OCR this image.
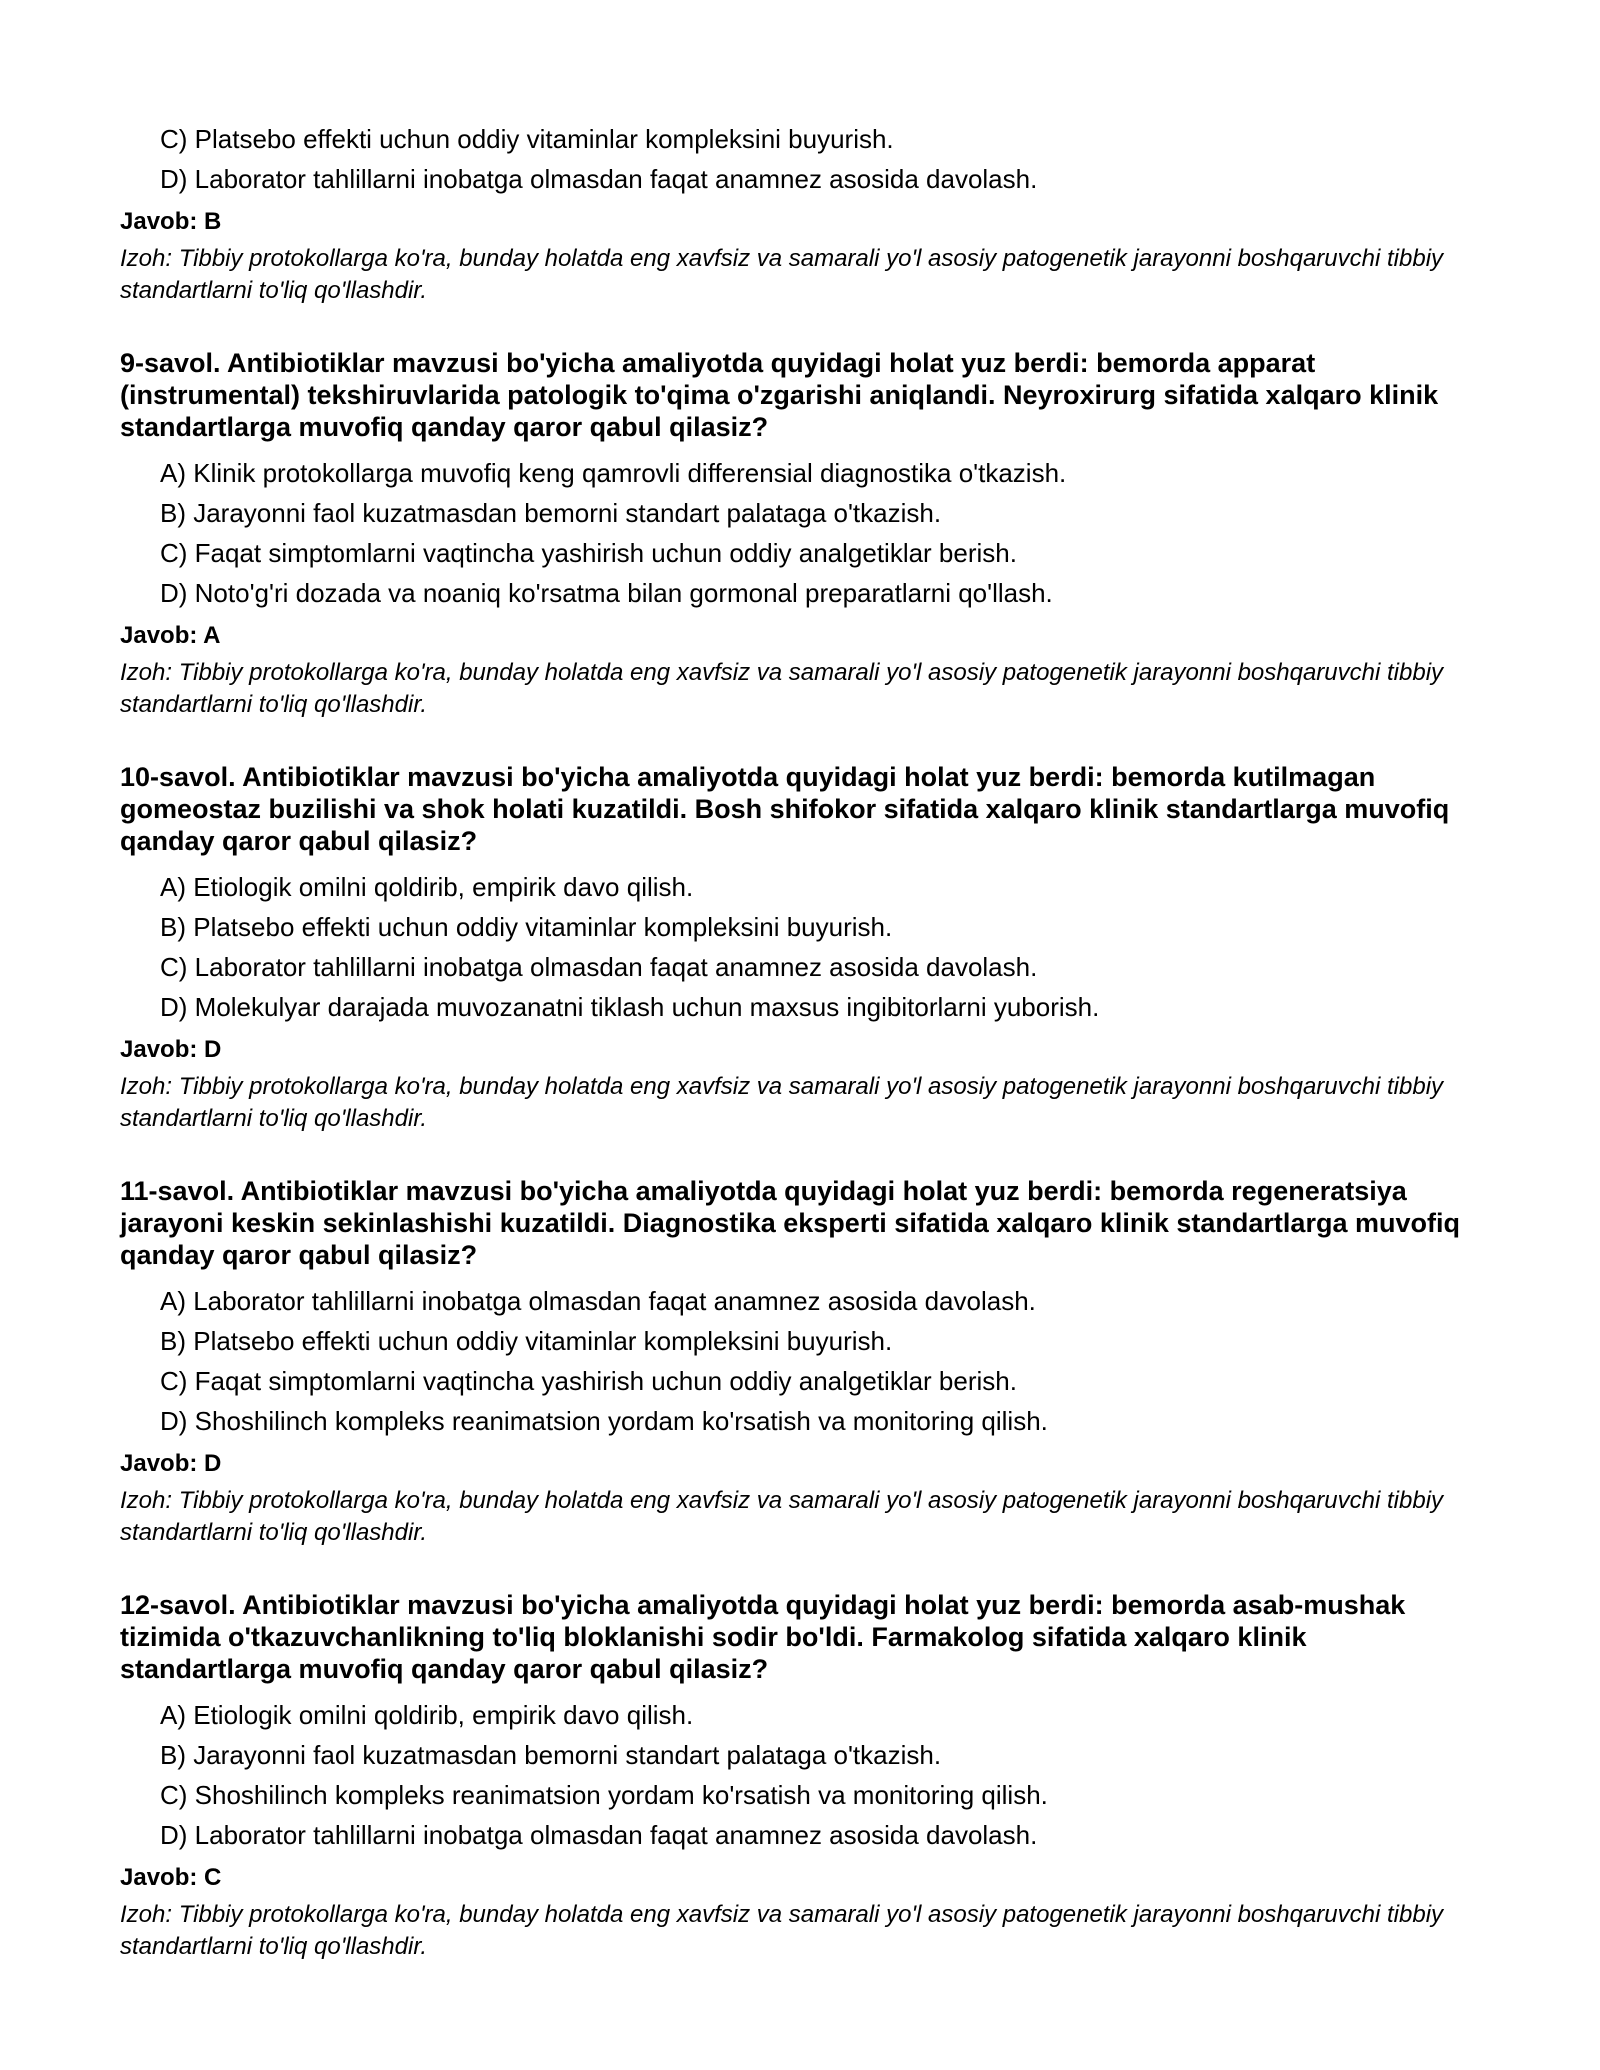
C) Platsebo effekti uchun oddiy vitaminlar kompleksini buyurish.
D) Laborator tahlillarni inobatga olmasdan faqat anamnez asosida davolash.
Javob: B
Izoh: Tibbiy protokollarga ko'ra, bunday holatda eng xavfsiz va samarali yo'l asosiy patogenetik jarayonni boshqaruvchi tibbiy standartlarni to'liq qo'llashdir.
9-savol. Antibiotiklar mavzusi bo'yicha amaliyotda quyidagi holat yuz berdi: bemorda apparat (instrumental) tekshiruvlarida patologik to'qima o'zgarishi aniqlandi. Neyroxirurg sifatida xalqaro klinik standartlarga muvofiq qanday qaror qabul qilasiz?
A) Klinik protokollarga muvofiq keng qamrovli differensial diagnostika o'tkazish.
B) Jarayonni faol kuzatmasdan bemorni standart palataga o'tkazish.
C) Faqat simptomlarni vaqtincha yashirish uchun oddiy analgetiklar berish.
D) Noto'g'ri dozada va noaniq ko'rsatma bilan gormonal preparatlarni qo'llash.
Javob: A
Izoh: Tibbiy protokollarga ko'ra, bunday holatda eng xavfsiz va samarali yo'l asosiy patogenetik jarayonni boshqaruvchi tibbiy standartlarni to'liq qo'llashdir.
10-savol. Antibiotiklar mavzusi bo'yicha amaliyotda quyidagi holat yuz berdi: bemorda kutilmagan gomeostaz buzilishi va shok holati kuzatildi. Bosh shifokor sifatida xalqaro klinik standartlarga muvofiq qanday qaror qabul qilasiz?
A) Etiologik omilni qoldirib, empirik davo qilish.
B) Platsebo effekti uchun oddiy vitaminlar kompleksini buyurish.
C) Laborator tahlillarni inobatga olmasdan faqat anamnez asosida davolash.
D) Molekulyar darajada muvozanatni tiklash uchun maxsus ingibitorlarni yuborish.
Javob: D
Izoh: Tibbiy protokollarga ko'ra, bunday holatda eng xavfsiz va samarali yo'l asosiy patogenetik jarayonni boshqaruvchi tibbiy standartlarni to'liq qo'llashdir.
11-savol. Antibiotiklar mavzusi bo'yicha amaliyotda quyidagi holat yuz berdi: bemorda regeneratsiya jarayoni keskin sekinlashishi kuzatildi. Diagnostika eksperti sifatida xalqaro klinik standartlarga muvofiq qanday qaror qabul qilasiz?
A) Laborator tahlillarni inobatga olmasdan faqat anamnez asosida davolash.
B) Platsebo effekti uchun oddiy vitaminlar kompleksini buyurish.
C) Faqat simptomlarni vaqtincha yashirish uchun oddiy analgetiklar berish.
D) Shoshilinch kompleks reanimatsion yordam ko'rsatish va monitoring qilish.
Javob: D
Izoh: Tibbiy protokollarga ko'ra, bunday holatda eng xavfsiz va samarali yo'l asosiy patogenetik jarayonni boshqaruvchi tibbiy standartlarni to'liq qo'llashdir.
12-savol. Antibiotiklar mavzusi bo'yicha amaliyotda quyidagi holat yuz berdi: bemorda asab-mushak tizimida o'tkazuvchanlikning to'liq bloklanishi sodir bo'ldi. Farmakolog sifatida xalqaro klinik standartlarga muvofiq qanday qaror qabul qilasiz?
A) Etiologik omilni qoldirib, empirik davo qilish.
B) Jarayonni faol kuzatmasdan bemorni standart palataga o'tkazish.
C) Shoshilinch kompleks reanimatsion yordam ko'rsatish va monitoring qilish.
D) Laborator tahlillarni inobatga olmasdan faqat anamnez asosida davolash.
Javob: C
Izoh: Tibbiy protokollarga ko'ra, bunday holatda eng xavfsiz va samarali yo'l asosiy patogenetik jarayonni boshqaruvchi tibbiy standartlarni to'liq qo'llashdir.
